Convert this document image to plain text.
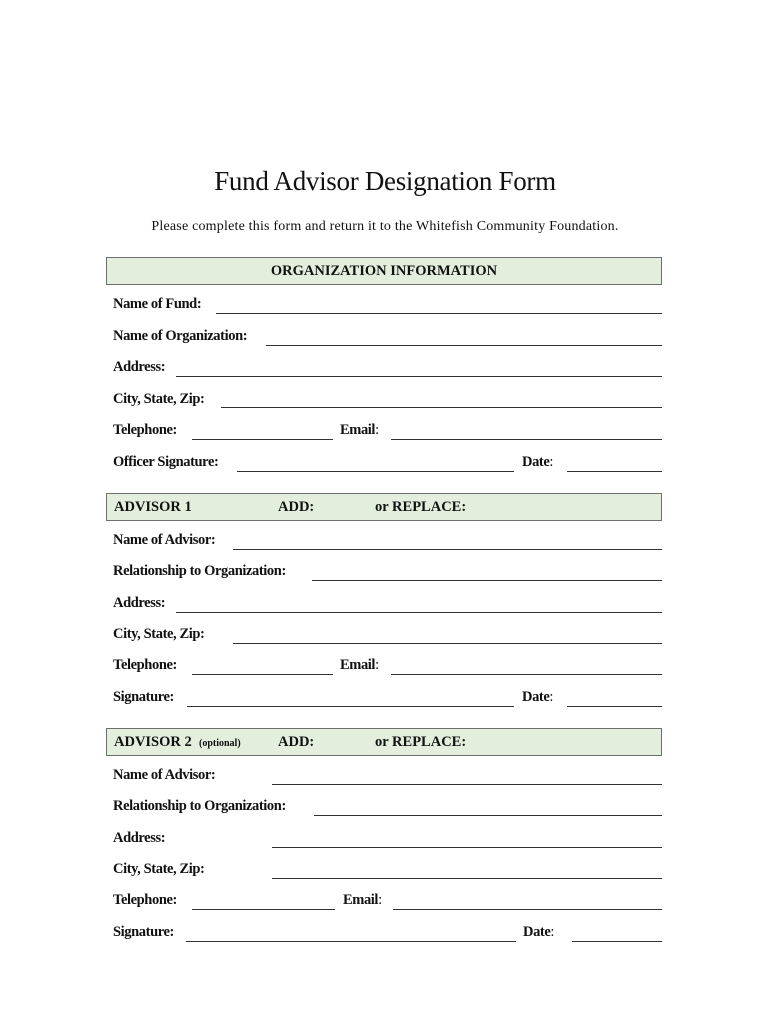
Fund Advisor Designation Form
Please complete this form and return it to the Whitefish Community Foundation.
ORGANIZATION INFORMATION
Name of Fund:
Name of Organization:
Address:
City, State, Zip:
Telephone:	Email:
Officer Signature:	Date:
ADVISOR 1	ADD:	or REPLACE:
Name of Advisor:
Relationship to Organization:
Address:
City, State, Zip:
Telephone:	Email:
Signature:	Date:
ADVISOR 2 (optional)	ADD:	or REPLACE:
Name of Advisor:
Relationship to Organization:
Address:
City, State, Zip:
Telephone:	Email:
Signature:	Date:
